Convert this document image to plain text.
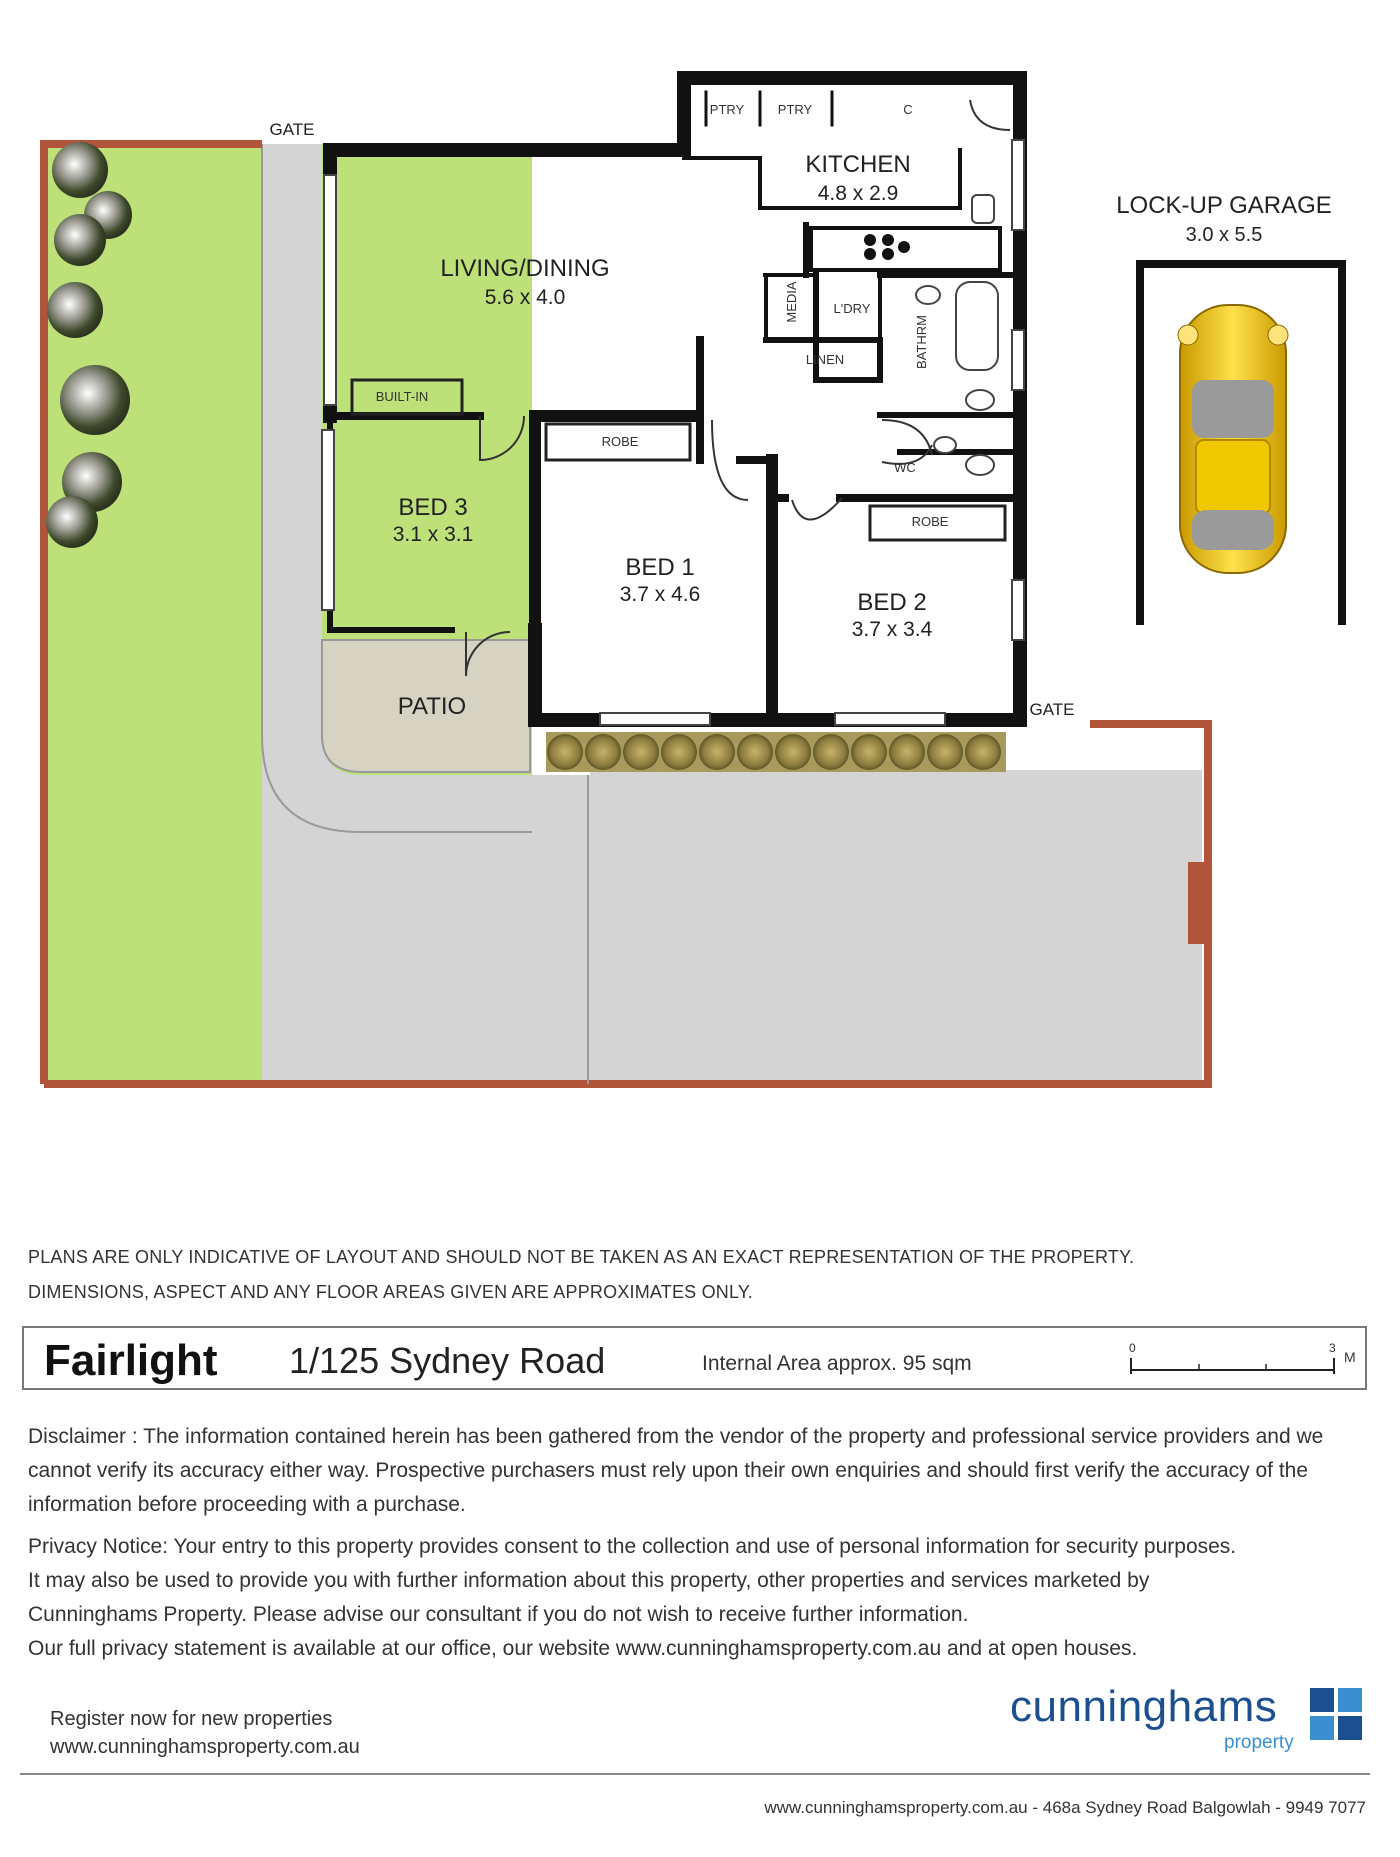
GATE
GATE
KITCHEN
4.8 x 2.9
LIVING/DINING
5.6 x 4.0
BED 3
3.1 x 3.1
BED 1
3.7 x 4.6	BED 2
3.7 x 3.4
PATIO
LOCK-UP GARAGE
3.0 x 5.5
PTRY	PTRY	C
MEDIA	L'DRY
LINEN	BATHRM
BUILT-IN
ROBE
ROBE
WC
PLANS ARE ONLY INDICATIVE OF LAYOUT AND SHOULD NOT BE TAKEN AS AN EXACT REPRESENTATION OF THE PROPERTY.
DIMENSIONS, ASPECT AND ANY FLOOR AREAS GIVEN ARE APPROXIMATES ONLY.
Fairlight 1/125 Sydney Road	Internal Area approx. 95 sqm
0	3
M
Disclaimer : The information contained herein has been gathered from the vendor of the property and professional service providers and we cannot verify its accuracy either way. Prospective purchasers must rely upon their own enquiries and should first verify the accuracy of the information before proceeding with a purchase.
Privacy Notice: Your entry to this property provides consent to the collection and use of personal information for security purposes.
It may also be used to provide you with further information about this property, other properties and services marketed by
Cunninghams Property. Please advise our consultant if you do not wish to receive further information.
Our full privacy statement is available at our office, our website www.cunninghamsproperty.com.au and at open houses.
Register now for new properties
www.cunninghamsproperty.com.au
cunninghams
property
www.cunninghamsproperty.com.au - 468a Sydney Road Balgowlah - 9949 7077
